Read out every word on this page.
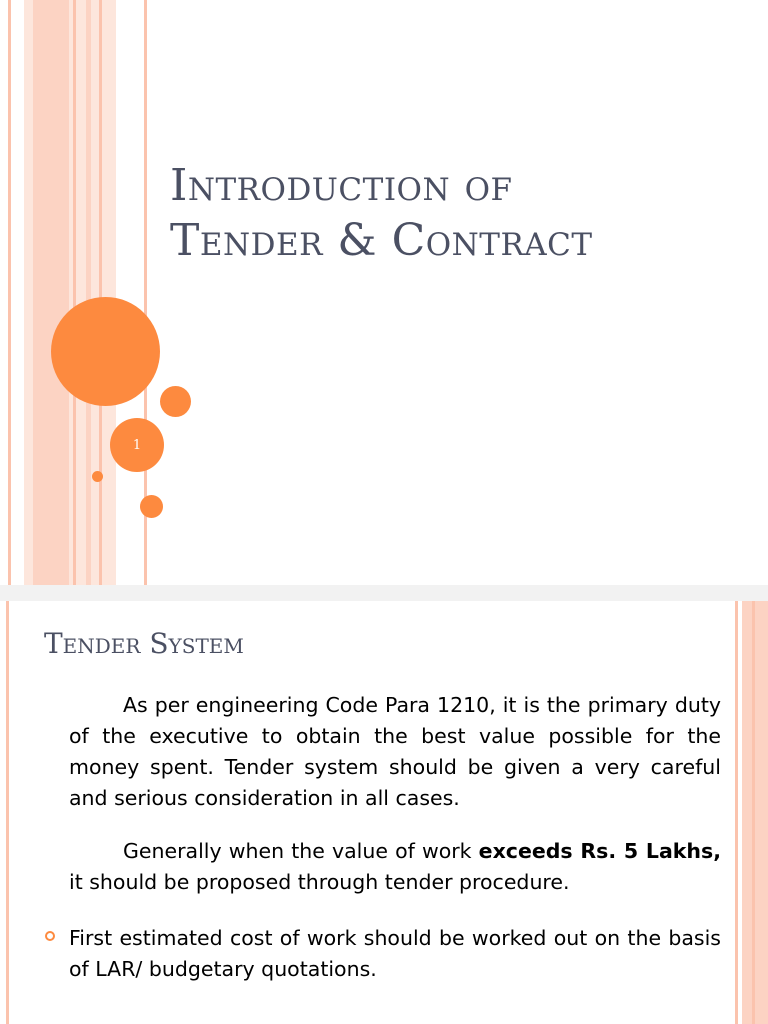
1
Introduction of
Tender & Contract
Tender System

As per engineering Code Para 1210, it is the primary duty of the executive to obtain the best value possible for the money spent. Tender system should be given a very careful and serious consideration in all cases.

Generally when the value of work exceeds Rs. 5 Lakhs, it should be proposed through tender procedure.

First estimated cost of work should be worked out on the basis of LAR/ budgetary quotations.
